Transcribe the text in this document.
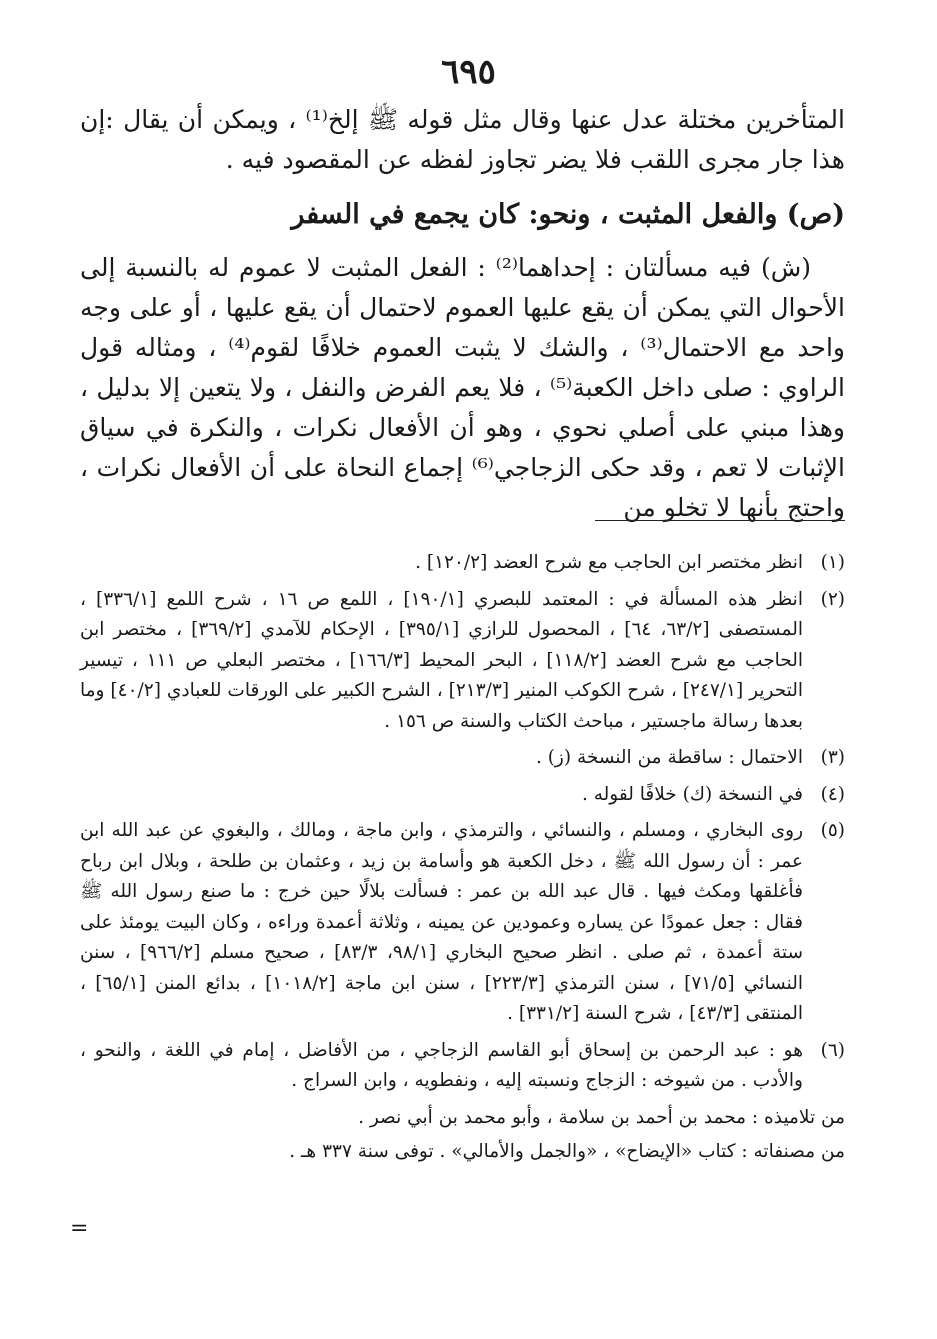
٦٩٥

المتأخرين مختلة عدل عنها وقال مثل قوله ﷺ إلخ⁽¹⁾ ، ويمكن أن يقال :إن هذا جار مجرى اللقب فلا يضر تجاوز لفظه عن المقصود فيه .

(ص) والفعل المثبت ، ونحو: كان يجمع في السفر

(ش) فيه مسألتان : إحداهما⁽²⁾ : الفعل المثبت لا عموم له بالنسبة إلى الأحوال التي يمكن أن يقع عليها العموم لاحتمال أن يقع عليها ، أو على وجه واحد مع الاحتمال⁽³⁾ ، والشك لا يثبت العموم خلافًا لقوم⁽⁴⁾ ، ومثاله قول الراوي : صلى داخل الكعبة⁽⁵⁾ ، فلا يعم الفرض والنفل ، ولا يتعين إلا بدليل ، وهذا مبني على أصلي نحوي ، وهو أن الأفعال نكرات ، والنكرة في سياق الإثبات لا تعم ، وقد حكى الزجاجي⁽⁶⁾ إجماع النحاة على أن الأفعال نكرات ، واحتج بأنها لا تخلو من

(١)انظر مختصر ابن الحاجب مع شرح العضد [١٢٠/٢] .

(٢)انظر هذه المسألة في : المعتمد للبصري [١٩٠/١] ، اللمع ص ١٦ ، شرح اللمع [٣٣٦/١] ، المستصفى [٦٣/٢، ٦٤] ، المحصول للرازي [٣٩٥/١] ، الإحكام للآمدي [٣٦٩/٢] ، مختصر ابن الحاجب مع شرح العضد [١١٨/٢] ، البحر المحيط [١٦٦/٣] ، مختصر البعلي ص ١١١ ، تيسير التحرير [٢٤٧/١] ، شرح الكوكب المنير [٢١٣/٣] ، الشرح الكبير على الورقات للعبادي [٤٠/٢] وما بعدها رسالة ماجستير ، مباحث الكتاب والسنة ص ١٥٦ .

(٣)الاحتمال : ساقطة من النسخة (ز) .

(٤)في النسخة (ك) خلافًا لقوله .

(٥)روى البخاري ، ومسلم ، والنسائي ، والترمذي ، وابن ماجة ، ومالك ، والبغوي عن عبد الله ابن عمر : أن رسول الله ﷺ ، دخل الكعبة هو وأسامة بن زيد ، وعثمان بن طلحة ، وبلال ابن رباح فأغلقها ومكث فيها . قال عبد الله بن عمر : فسألت بلالًا حين خرج : ما صنع رسول الله ﷺ فقال : جعل عمودًا عن يساره وعمودين عن يمينه ، وثلاثة أعمدة وراءه ، وكان البيت يومئذ على ستة أعمدة ، ثم صلى . انظر صحيح البخاري [٩٨/١، ٨٣/٣] ، صحيح مسلم [٩٦٦/٢] ، سنن النسائي [٧١/٥] ، سنن الترمذي [٢٢٣/٣] ، سنن ابن ماجة [١٠١٨/٢] ، بدائع المنن [٦٥/١] ، المنتقى [٤٣/٣] ، شرح السنة [٣٣١/٢] .

(٦)هو : عبد الرحمن بن إسحاق أبو القاسم الزجاجي ، من الأفاضل ، إمام في اللغة ، والنحو ، والأدب . من شيوخه : الزجاج ونسبته إليه ، ونفطويه ، وابن السراج .

من تلاميذه : محمد بن أحمد بن سلامة ، وأبو محمد بن أبي نصر .

من مصنفاته : كتاب «الإيضاح» ، «والجمل والأمالي» . توفى سنة ٣٣٧ هـ .

=
